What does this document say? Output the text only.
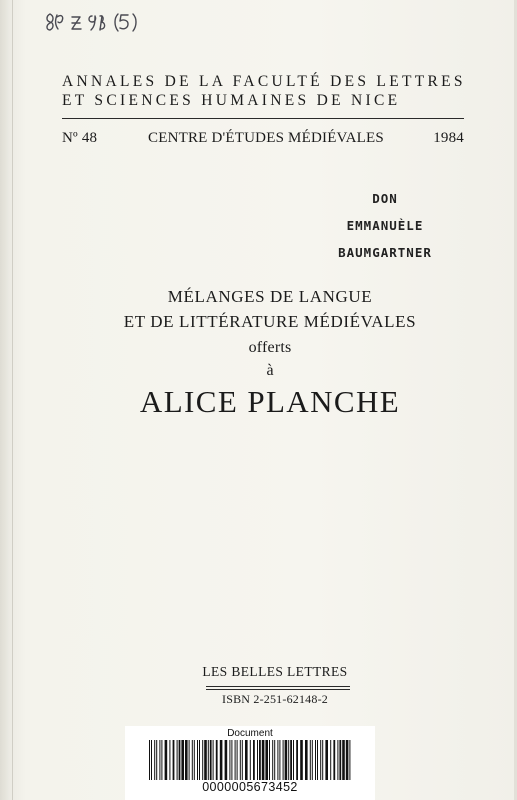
ANNALES DE LA FACULTÉ DES LETTRES
ET SCIENCES HUMAINES DE NICE
Nº 48	CENTRE D'ÉTUDES MÉDIÉVALES	1984
DON
EMMANUÈLE
BAUMGARTNER
MÉLANGES DE LANGUE
ET DE LITTÉRATURE MÉDIÉVALES
offerts
à
ALICE PLANCHE
LES BELLES LETTRES
ISBN 2-251-62148-2
Document
0000005673452
